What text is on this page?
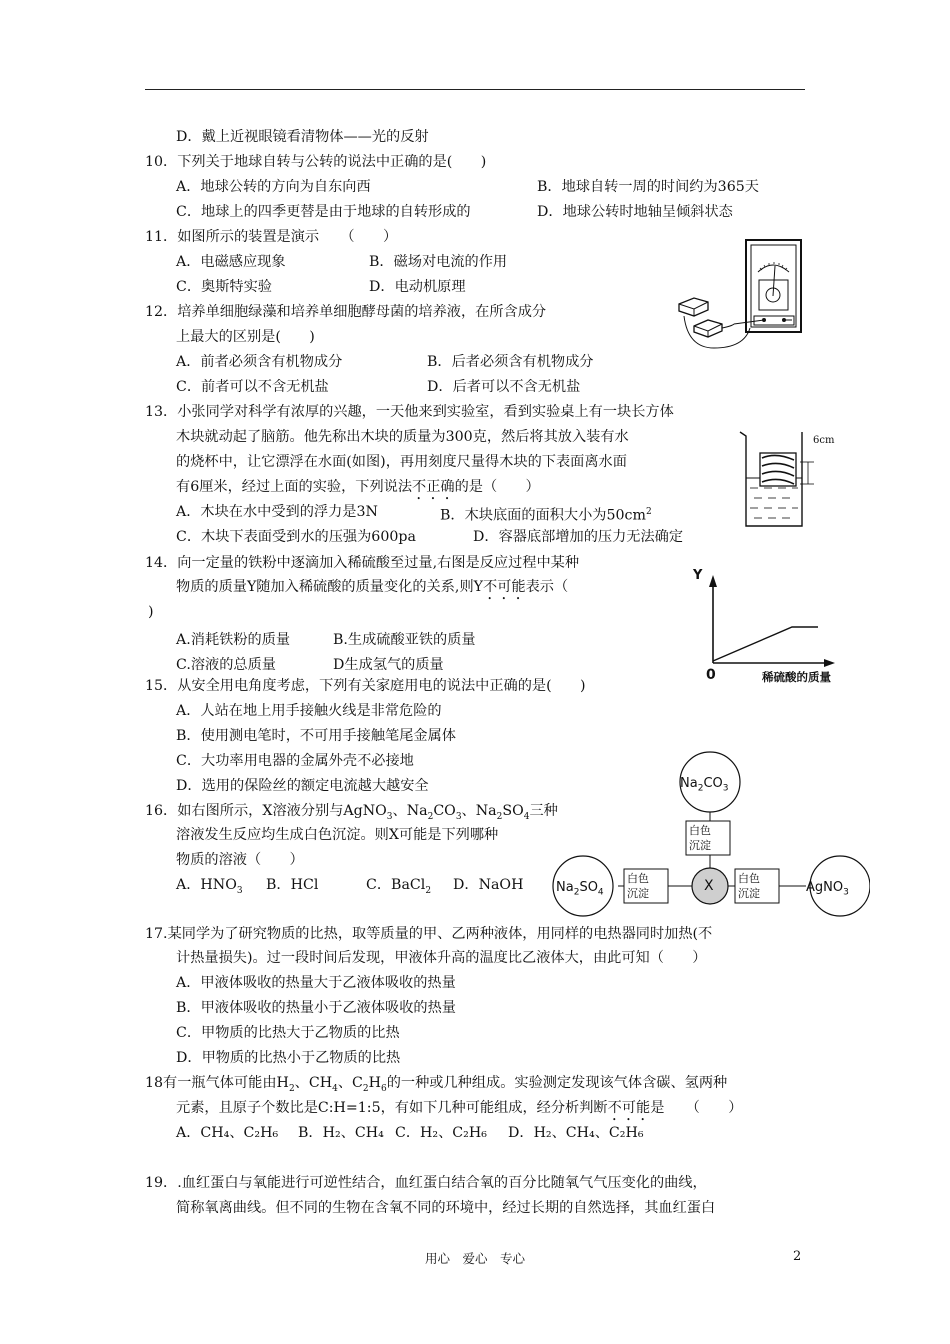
D．戴上近视眼镜看清物体——光的反射
10．下列关于地球自转与公转的说法中正确的是(　　)
A．地球公转的方向为自东向西	B．地球自转一周的时间约为365天
C．地球上的四季更替是由于地球的自转形成的	D．地球公转时地轴呈倾斜状态
11．如图所示的装置是演示　　（　　）
A．电磁感应现象	B．磁场对电流的作用
C．奥斯特实验	D．电动机原理
12．培养单细胞绿藻和培养单细胞酵母菌的培养液，在所含成分
上最大的区别是(　　)
A．前者必须含有机物成分	B．后者必须含有机物成分
C．前者可以不含无机盐	D．后者可以不含无机盐
13．小张同学对科学有浓厚的兴趣，一天他来到实验室，看到实验桌上有一块长方体
木块就动起了脑筋。他先称出木块的质量为300克，然后将其放入装有水
的烧杯中，让它漂浮在水面(如图)，再用刻度尺量得木块的下表面离水面
有6厘米，经过上面的实验，下列说法不正确的是（　　）
A．木块在水中受到的浮力是3N	B．木块底面的面积大小为$50cm^2$
C．木块下表面受到水的压强为600pa	D．容器底部增加的压力无法确定
6cm
14．向一定量的铁粉中逐滴加入稀硫酸至过量,右图是反应过程中某种
物质的质量Y随加入稀硫酸的质量变化的关系,则Y不可能表示（
)
A.消耗铁粉的质量	B.生成硫酸亚铁的质量
C.溶液的总质量	D生成氢气的质量
Y
0	稀硫酸的质量
15．从安全用电角度考虑，下列有关家庭用电的说法中正确的是(　　)
A．人站在地上用手接触火线是非常危险的
B．使用测电笔时，不可用手接触笔尾金属体
C．大功率用电器的金属外壳不必接地
D．选用的保险丝的额定电流越大越安全
16．如右图所示，X溶液分别与AgNO$_3$、$Na_2CO_3$、$Na_2SO_4$三种
溶液发生反应均生成白色沉淀。则X可能是下列哪种
物质的溶液（　　）
A．$HNO_3$ B．HCl	C．BaCl$_2$ D．NaOH
$Na_2CO_3$
$Na_2SO_4$	AgNO$_3$
X
白色
沉淀
白色
沉淀
白色
沉淀
17.某同学为了研究物质的比热，取等质量的甲、乙两种液体，用同样的电热器同时加热(不
计热量损失)。过一段时间后发现，甲液体升高的温度比乙液体大，由此可知（　　）
A．甲液体吸收的热量大于乙液体吸收的热量
B．甲液体吸收的热量小于乙液体吸收的热量
C．甲物质的比热大于乙物质的比热
D．甲物质的比热小于乙物质的比热
18有一瓶气体可能由$H_2$、$CH_4$、$C_2H_6$的一种或几种组成。实验测定发现该气体含碳、氢两种
元素，且原子个数比是C:H=1:5，有如下几种可能组成，经分析判断不可能是　　（　　）
A．CH₄、C₂H₆ B．H₂、CH₄ C．H₂、C₂H₆ D．H₂、CH₄、C₂H₆
19．.血红蛋白与氧能进行可逆性结合，血红蛋白结合氧的百分比随氧气气压变化的曲线，
简称氧离曲线。但不同的生物在含氧不同的环境中，经过长期的自然选择，其血红蛋白
用心　爱心　专心	2
